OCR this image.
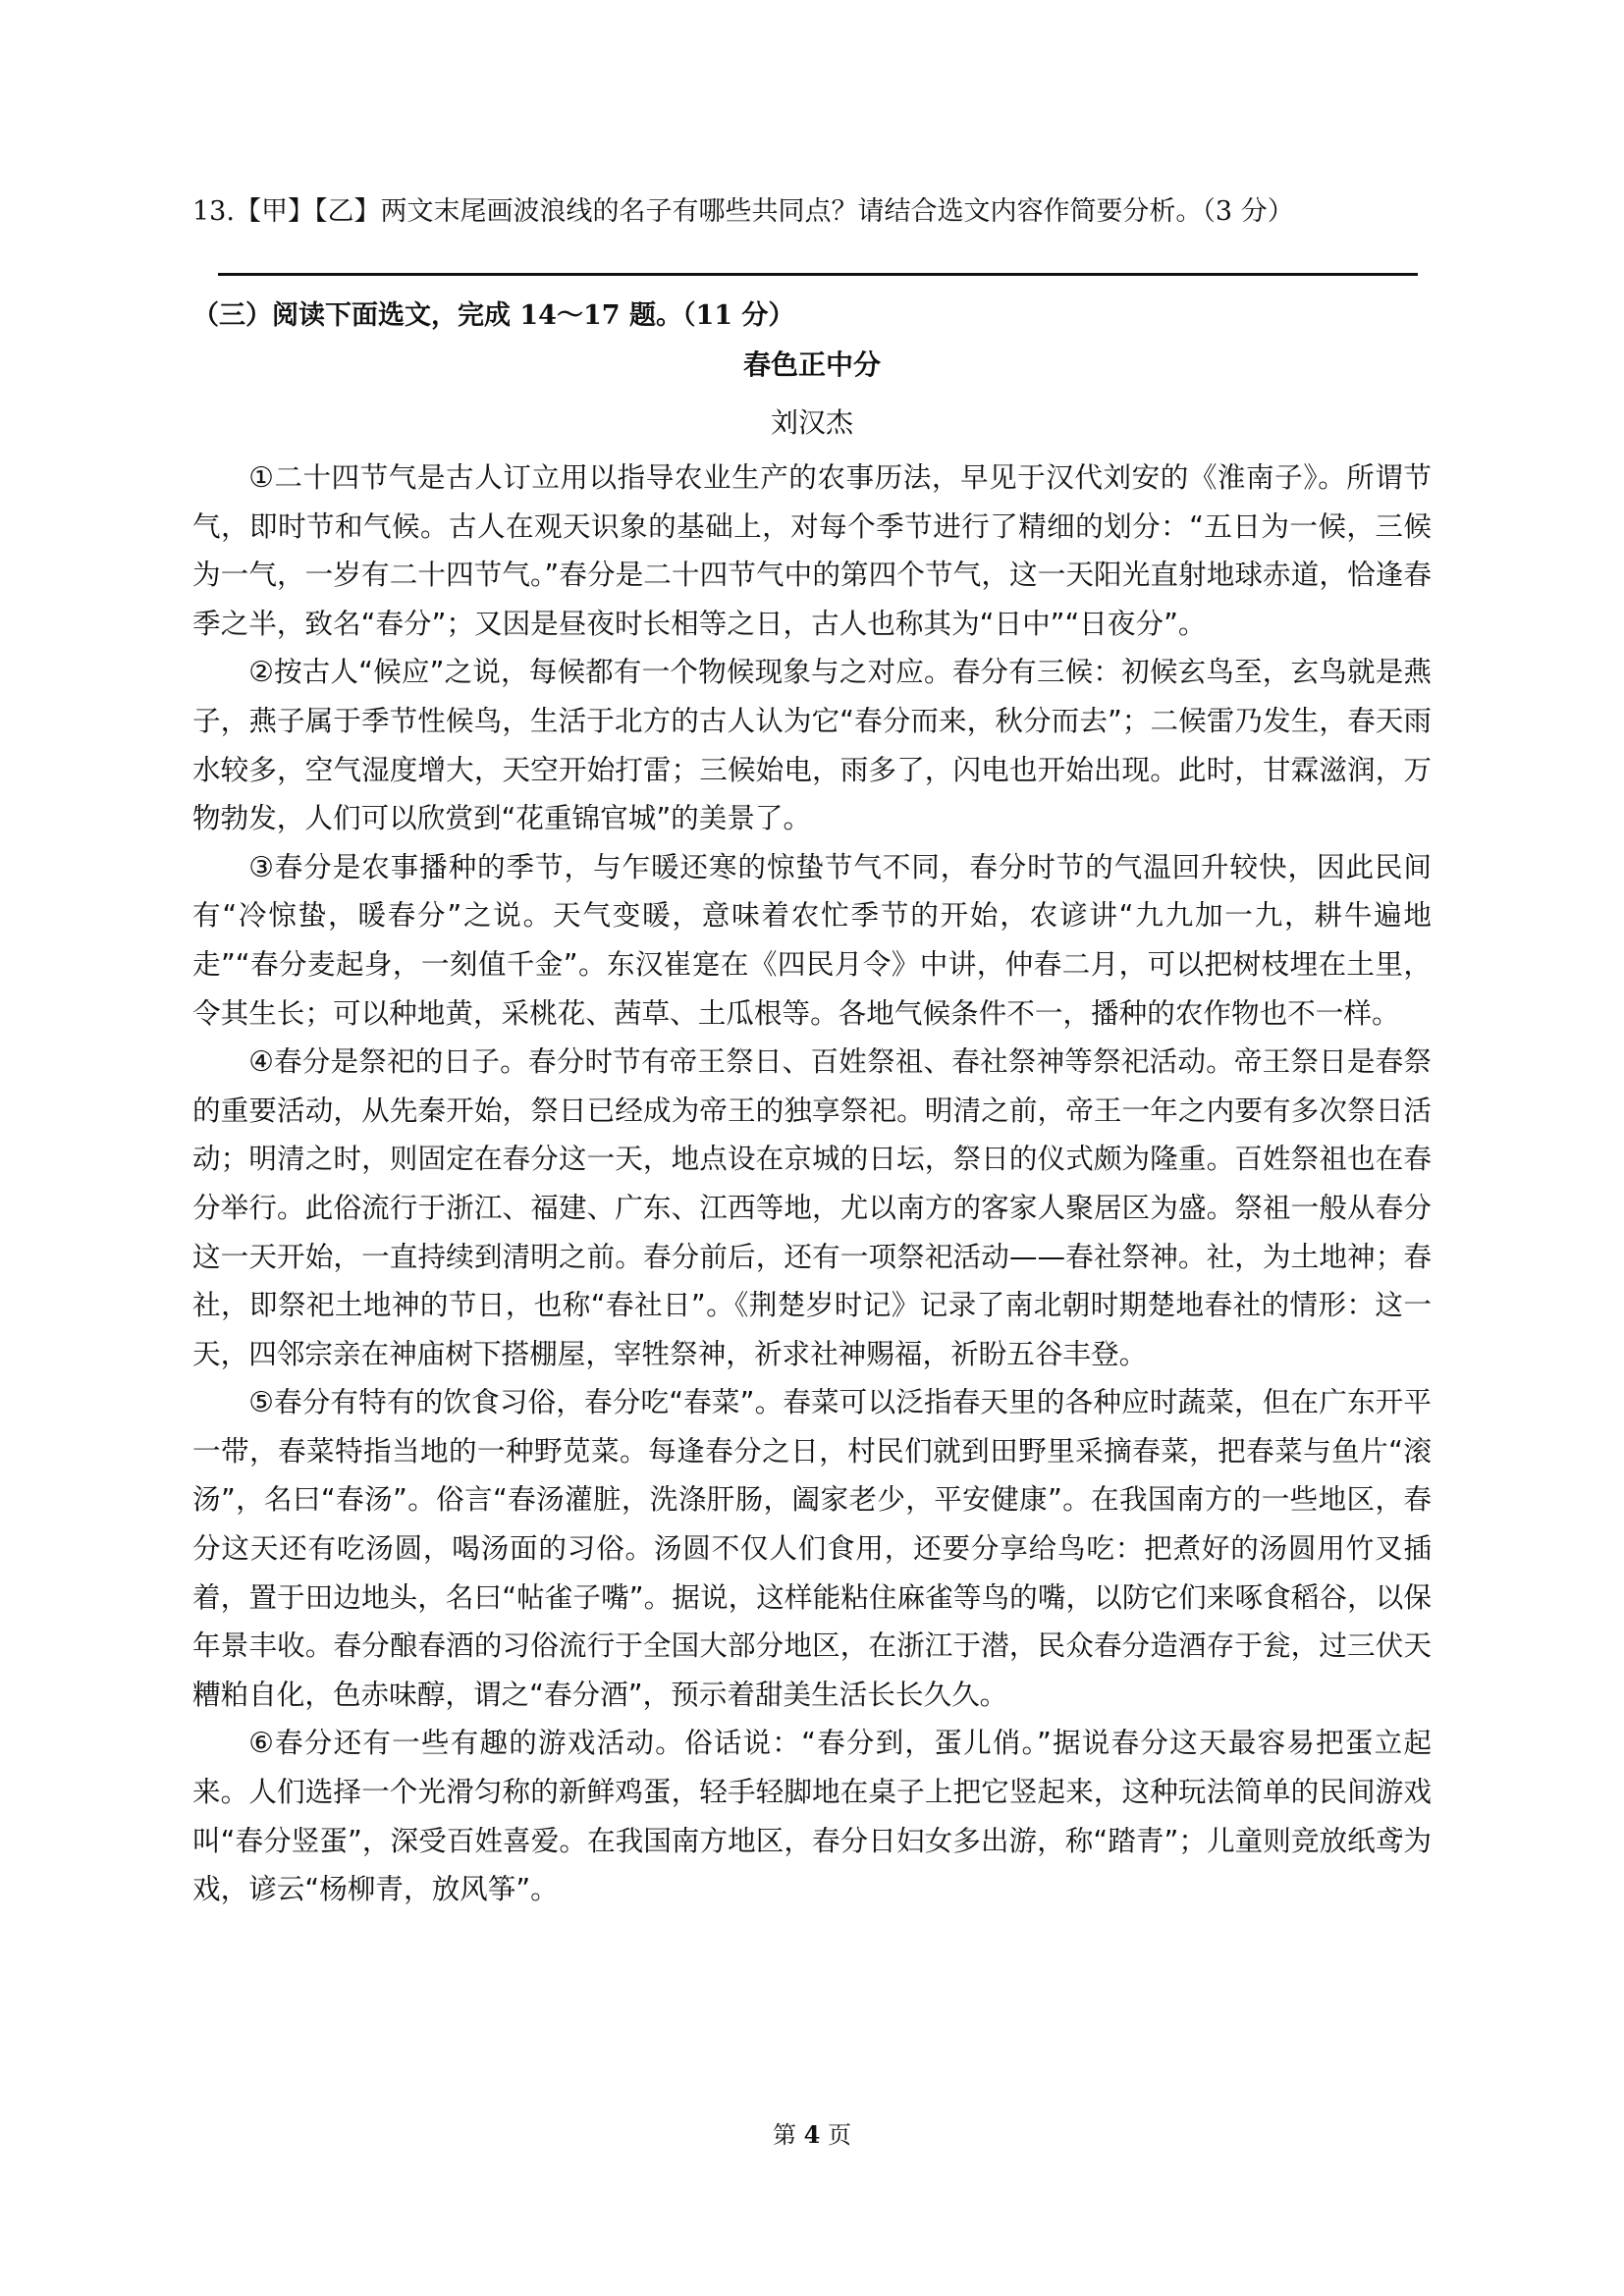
13.【甲】【乙】两文末尾画波浪线的名子有哪些共同点？请结合选文内容作简要分析。（3 分）
（三）阅读下面选文，完成 14～17 题。（11 分）
春色正中分
刘汉杰

①二十四节气是古人订立用以指导农业生产的农事历法，早见于汉代刘安的《淮南子》。所谓节气，即时节和气候。古人在观天识象的基础上，对每个季节进行了精细的划分：“五日为一候，三候为一气，一岁有二十四节气。”春分是二十四节气中的第四个节气，这一天阳光直射地球赤道，恰逢春季之半，致名“春分”；又因是昼夜时长相等之日，古人也称其为“日中”“日夜分”。

②按古人“候应”之说，每候都有一个物候现象与之对应。春分有三候：初候玄鸟至，玄鸟就是燕子，燕子属于季节性候鸟，生活于北方的古人认为它“春分而来，秋分而去”；二候雷乃发生，春天雨水较多，空气湿度增大，天空开始打雷；三候始电，雨多了，闪电也开始出现。此时，甘霖滋润，万物勃发，人们可以欣赏到“花重锦官城”的美景了。

③春分是农事播种的季节，与乍暖还寒的惊蛰节气不同，春分时节的气温回升较快，因此民间有“冷惊蛰，暖春分”之说。天气变暖，意味着农忙季节的开始，农谚讲“九九加一九，耕牛遍地走”“春分麦起身，一刻值千金”。东汉崔寔在《四民月令》中讲，仲春二月，可以把树枝埋在土里，令其生长；可以种地黄，采桃花、茜草、土瓜根等。各地气候条件不一，播种的农作物也不一样。

④春分是祭祀的日子。春分时节有帝王祭日、百姓祭祖、春社祭神等祭祀活动。帝王祭日是春祭的重要活动，从先秦开始，祭日已经成为帝王的独享祭祀。明清之前，帝王一年之内要有多次祭日活动；明清之时，则固定在春分这一天，地点设在京城的日坛，祭日的仪式颇为隆重。百姓祭祖也在春分举行。此俗流行于浙江、福建、广东、江西等地，尤以南方的客家人聚居区为盛。祭祖一般从春分这一天开始，一直持续到清明之前。春分前后，还有一项祭祀活动——春社祭神。社，为土地神；春社，即祭祀土地神的节日，也称“春社日”。《荆楚岁时记》记录了南北朝时期楚地春社的情形：这一天，四邻宗亲在神庙树下搭棚屋，宰牲祭神，祈求社神赐福，祈盼五谷丰登。

⑤春分有特有的饮食习俗，春分吃“春菜”。春菜可以泛指春天里的各种应时蔬菜，但在广东开平一带，春菜特指当地的一种野苋菜。每逢春分之日，村民们就到田野里采摘春菜，把春菜与鱼片“滚汤”，名曰“春汤”。俗言“春汤灌脏，洗涤肝肠，阖家老少，平安健康”。在我国南方的一些地区，春分这天还有吃汤圆，喝汤面的习俗。汤圆不仅人们食用，还要分享给鸟吃：把煮好的汤圆用竹叉插着，置于田边地头，名曰“帖雀子嘴”。据说，这样能粘住麻雀等鸟的嘴，以防它们来啄食稻谷，以保年景丰收。春分酿春酒的习俗流行于全国大部分地区，在浙江于潜，民众春分造酒存于瓮，过三伏天糟粕自化，色赤味醇，谓之“春分酒”，预示着甜美生活长长久久。

⑥春分还有一些有趣的游戏活动。俗话说：“春分到，蛋儿俏。”据说春分这天最容易把蛋立起来。人们选择一个光滑匀称的新鲜鸡蛋，轻手轻脚地在桌子上把它竖起来，这种玩法简单的民间游戏叫“春分竖蛋”，深受百姓喜爱。在我国南方地区，春分日妇女多出游，称“踏青”；儿童则竞放纸鸢为戏，谚云“杨柳青，放风筝”。

第 4 页
